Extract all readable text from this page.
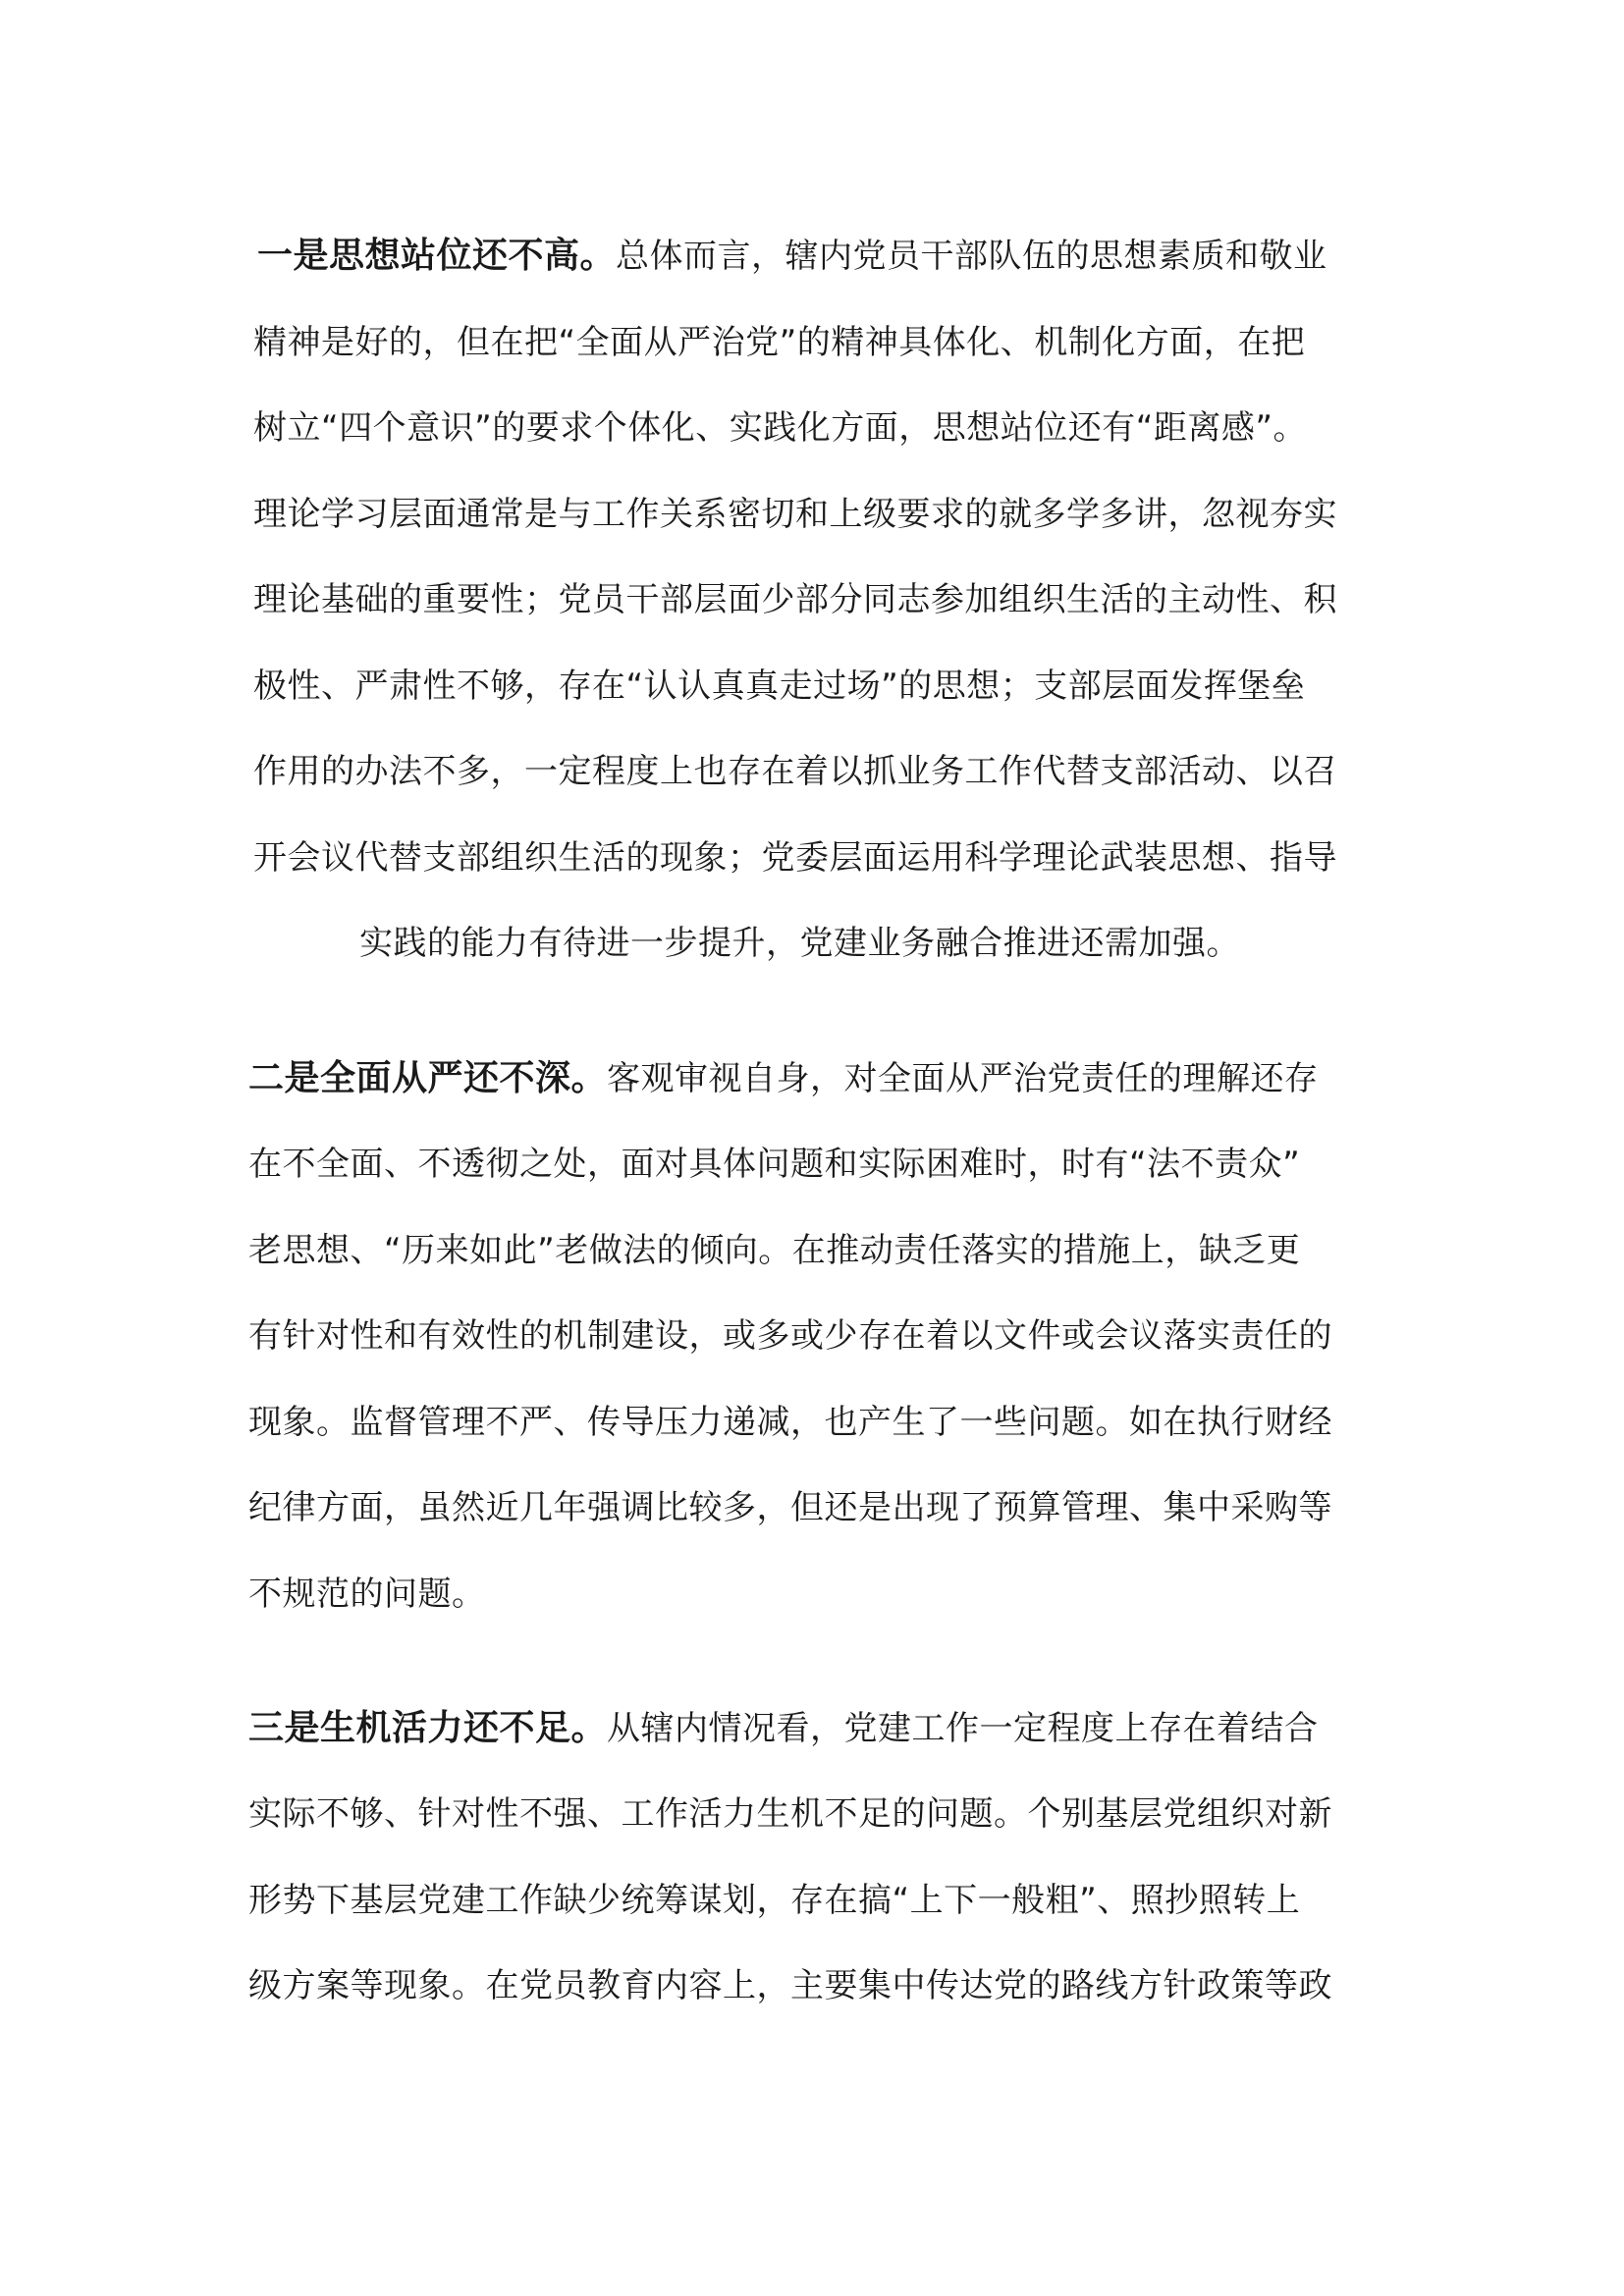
一是思想站位还不高。总体而言，辖内党员干部队伍的思想素质和敬业
精神是好的，但在把“全面从严治党”的精神具体化、机制化方面，在把
树立“四个意识”的要求个体化、实践化方面，思想站位还有“距离感”。
理论学习层面通常是与工作关系密切和上级要求的就多学多讲，忽视夯实
理论基础的重要性；党员干部层面少部分同志参加组织生活的主动性、积
极性、严肃性不够，存在“认认真真走过场”的思想；支部层面发挥堡垒
作用的办法不多，一定程度上也存在着以抓业务工作代替支部活动、以召
开会议代替支部组织生活的现象；党委层面运用科学理论武装思想、指导
实践的能力有待进一步提升，党建业务融合推进还需加强。
二是全面从严还不深。客观审视自身，对全面从严治党责任的理解还存
在不全面、不透彻之处，面对具体问题和实际困难时，时有“法不责众”
老思想、“历来如此”老做法的倾向。在推动责任落实的措施上，缺乏更
有针对性和有效性的机制建设，或多或少存在着以文件或会议落实责任的
现象。监督管理不严、传导压力递减，也产生了一些问题。如在执行财经
纪律方面，虽然近几年强调比较多，但还是出现了预算管理、集中采购等
不规范的问题。
三是生机活力还不足。从辖内情况看，党建工作一定程度上存在着结合
实际不够、针对性不强、工作活力生机不足的问题。个别基层党组织对新
形势下基层党建工作缺少统筹谋划，存在搞“上下一般粗”、照抄照转上
级方案等现象。在党员教育内容上，主要集中传达党的路线方针政策等政
